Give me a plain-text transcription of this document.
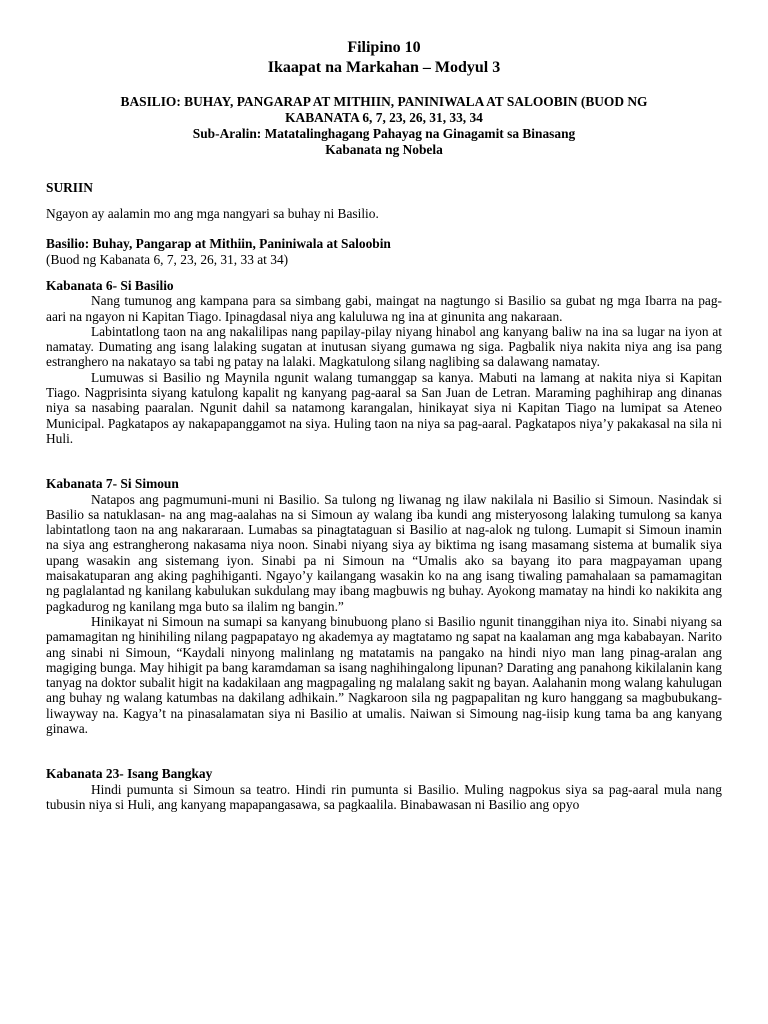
Filipino 10
Ikaapat na Markahan – Modyul 3
BASILIO: BUHAY, PANGARAP AT MITHIIN, PANINIWALA AT SALOOBIN (BUOD NG
KABANATA 6, 7, 23, 26, 31, 33, 34
Sub-Aralin: Matatalinghagang Pahayag na Ginagamit sa Binasang
Kabanata ng Nobela
SURIIN
Ngayon ay aalamin mo ang mga nangyari sa buhay ni Basilio.
Basilio: Buhay, Pangarap at Mithiin, Paniniwala at Saloobin
(Buod ng Kabanata 6, 7, 23, 26, 31, 33 at 34)
Kabanata 6- Si Basilio

Nang tumunog ang kampana para sa simbang gabi, maingat na nagtungo si Basilio sa gubat ng mga Ibarra na pag-aari na ngayon ni Kapitan Tiago. Ipinagdasal niya ang kaluluwa ng ina at ginunita ang nakaraan.

Labintatlong taon na ang nakalilipas nang papilay-pilay niyang hinabol ang kanyang baliw na ina sa lugar na iyon at namatay. Dumating ang isang lalaking sugatan at inutusan siyang gumawa ng siga. Pagbalik niya nakita niya ang isa pang estranghero na nakatayo sa tabi ng patay na lalaki. Magkatulong silang naglibing sa dalawang namatay.

Lumuwas si Basilio ng Maynila ngunit walang tumanggap sa kanya. Mabuti na lamang at nakita niya si Kapitan Tiago. Nagprisinta siyang katulong kapalit ng kanyang pag-aaral sa San Juan de Letran. Maraming paghihirap ang dinanas niya sa nasabing paaralan. Ngunit dahil sa natamong karangalan, hinikayat siya ni Kapitan Tiago na lumipat sa Ateneo Municipal. Pagkatapos ay nakapapanggamot na siya. Huling taon na niya sa pag-aaral. Pagkatapos niya’y pakakasal na sila ni Huli.

Kabanata 7- Si Simoun

Natapos ang pagmumuni-muni ni Basilio. Sa tulong ng liwanag ng ilaw nakilala ni Basilio si Simoun. Nasindak si Basilio sa natuklasan- na ang mag-aalahas na si Simoun ay walang iba kundi ang misteryosong lalaking tumulong sa kanya labintatlong taon na ang nakararaan. Lumabas sa pinagtataguan si Basilio at nag-alok ng tulong. Lumapit si Simoun inamin na siya ang estrangherong nakasama niya noon. Sinabi niyang siya ay biktima ng isang masamang sistema at bumalik siya upang wasakin ang sistemang iyon. Sinabi pa ni Simoun na “Umalis ako sa bayang ito para magpayaman upang maisakatuparan ang aking paghihiganti. Ngayo’y kailangang wasakin ko na ang isang tiwaling pamahalaan sa pamamagitan ng paglalantad ng kanilang kabulukan sukdulang may ibang magbuwis ng buhay. Ayokong mamatay na hindi ko nakikita ang pagkadurog ng kanilang mga buto sa ilalim ng bangin.”

Hinikayat ni Simoun na sumapi sa kanyang binubuong plano si Basilio ngunit tinanggihan niya ito. Sinabi niyang sa pamamagitan ng hinihiling nilang pagpapatayo ng akademya ay magtatamo ng sapat na kaalaman ang mga kababayan. Narito ang sinabi ni Simoun, “Kaydali ninyong malinlang ng matatamis na pangako na hindi niyo man lang pinag-aralan ang magiging bunga. May hihigit pa bang karamdaman sa isang naghihingalong lipunan? Darating ang panahong kikilalanin kang tanyag na doktor subalit higit na kadakilaan ang magpagaling ng malalang sakit ng bayan. Aalahanin mong walang kahulugan ang buhay ng walang katumbas na dakilang adhikain.” Nagkaroon sila ng pagpapalitan ng kuro hanggang sa magbubukang-liwayway na. Kagya’t na pinasalamatan siya ni Basilio at umalis. Naiwan si Simoung nag-iisip kung tama ba ang kanyang ginawa.

Kabanata 23- Isang Bangkay

Hindi pumunta si Simoun sa teatro. Hindi rin pumunta si Basilio. Muling nagpokus siya sa pag-aaral mula nang tubusin niya si Huli, ang kanyang mapapangasawa, sa pagkaalila. Binabawasan ni Basilio ang opyo
